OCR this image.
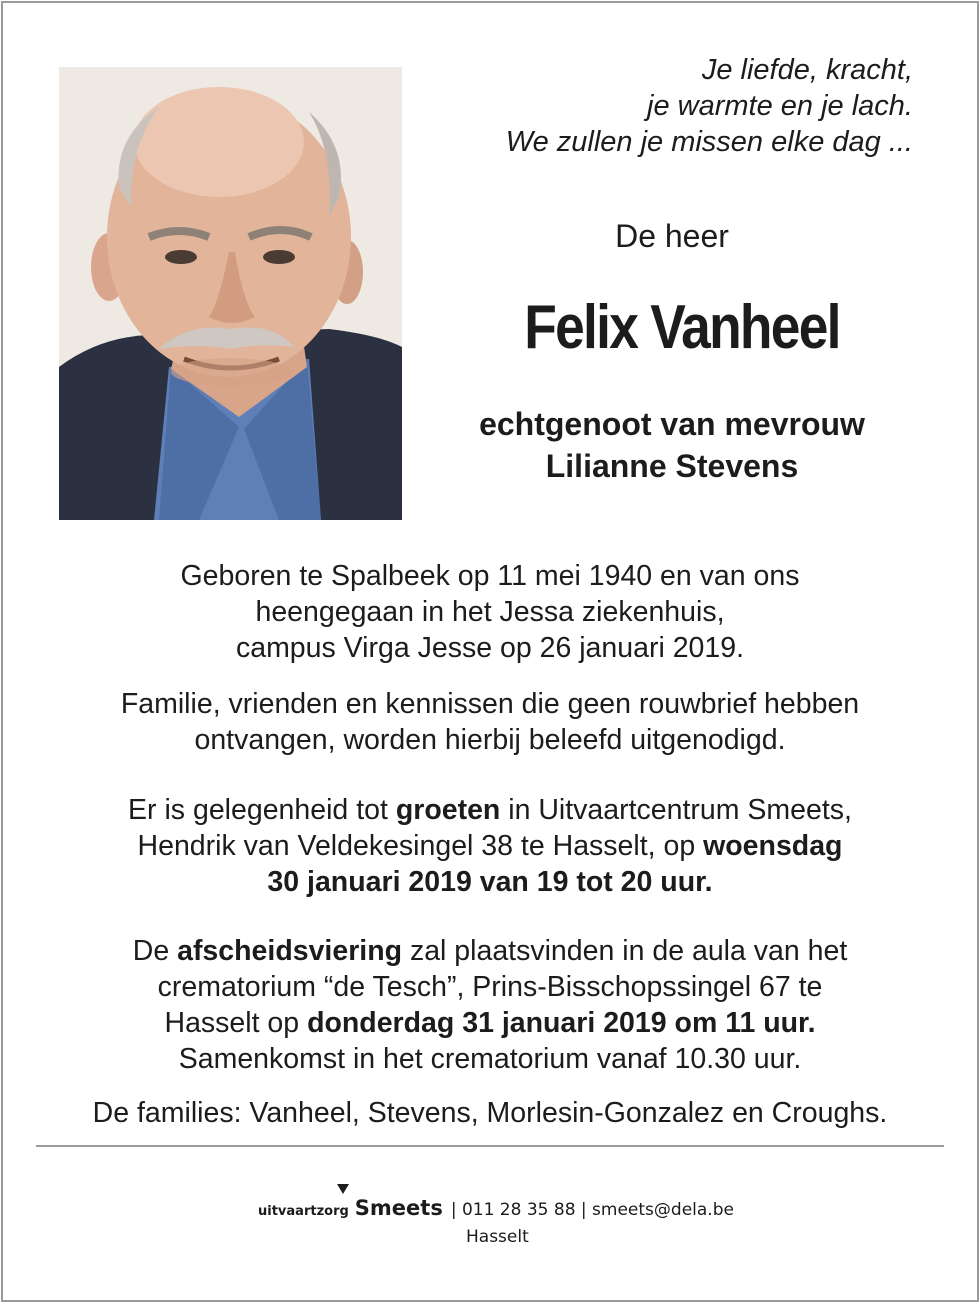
Je liefde, kracht,
je warmte en je lach.
We zullen je missen elke dag ...
De heer
Felix Vanheel
echtgenoot van mevrouw
Lilianne Stevens
Geboren te Spalbeek op 11 mei 1940 en van ons
heengegaan in het Jessa ziekenhuis,
campus Virga Jesse op 26 januari 2019.
Familie, vrienden en kennissen die geen rouwbrief hebben
ontvangen, worden hierbij beleefd uitgenodigd.
Er is gelegenheid tot groeten in Uitvaartcentrum Smeets,
Hendrik van Veldekesingel 38 te Hasselt, op woensdag
30 januari 2019 van 19 tot 20 uur.
De afscheidsviering zal plaatsvinden in de aula van het
crematorium “de Tesch”, Prins-Bisschopssingel 67 te
Hasselt op donderdag 31 januari 2019 om 11 uur.
Samenkomst in het crematorium vanaf 10.30 uur.
De families: Vanheel, Stevens, Morlesin-Gonzalez en Croughs.
uitvaartzorg Smeets | 011 28 35 88 | smeets@dela.be
Hasselt
